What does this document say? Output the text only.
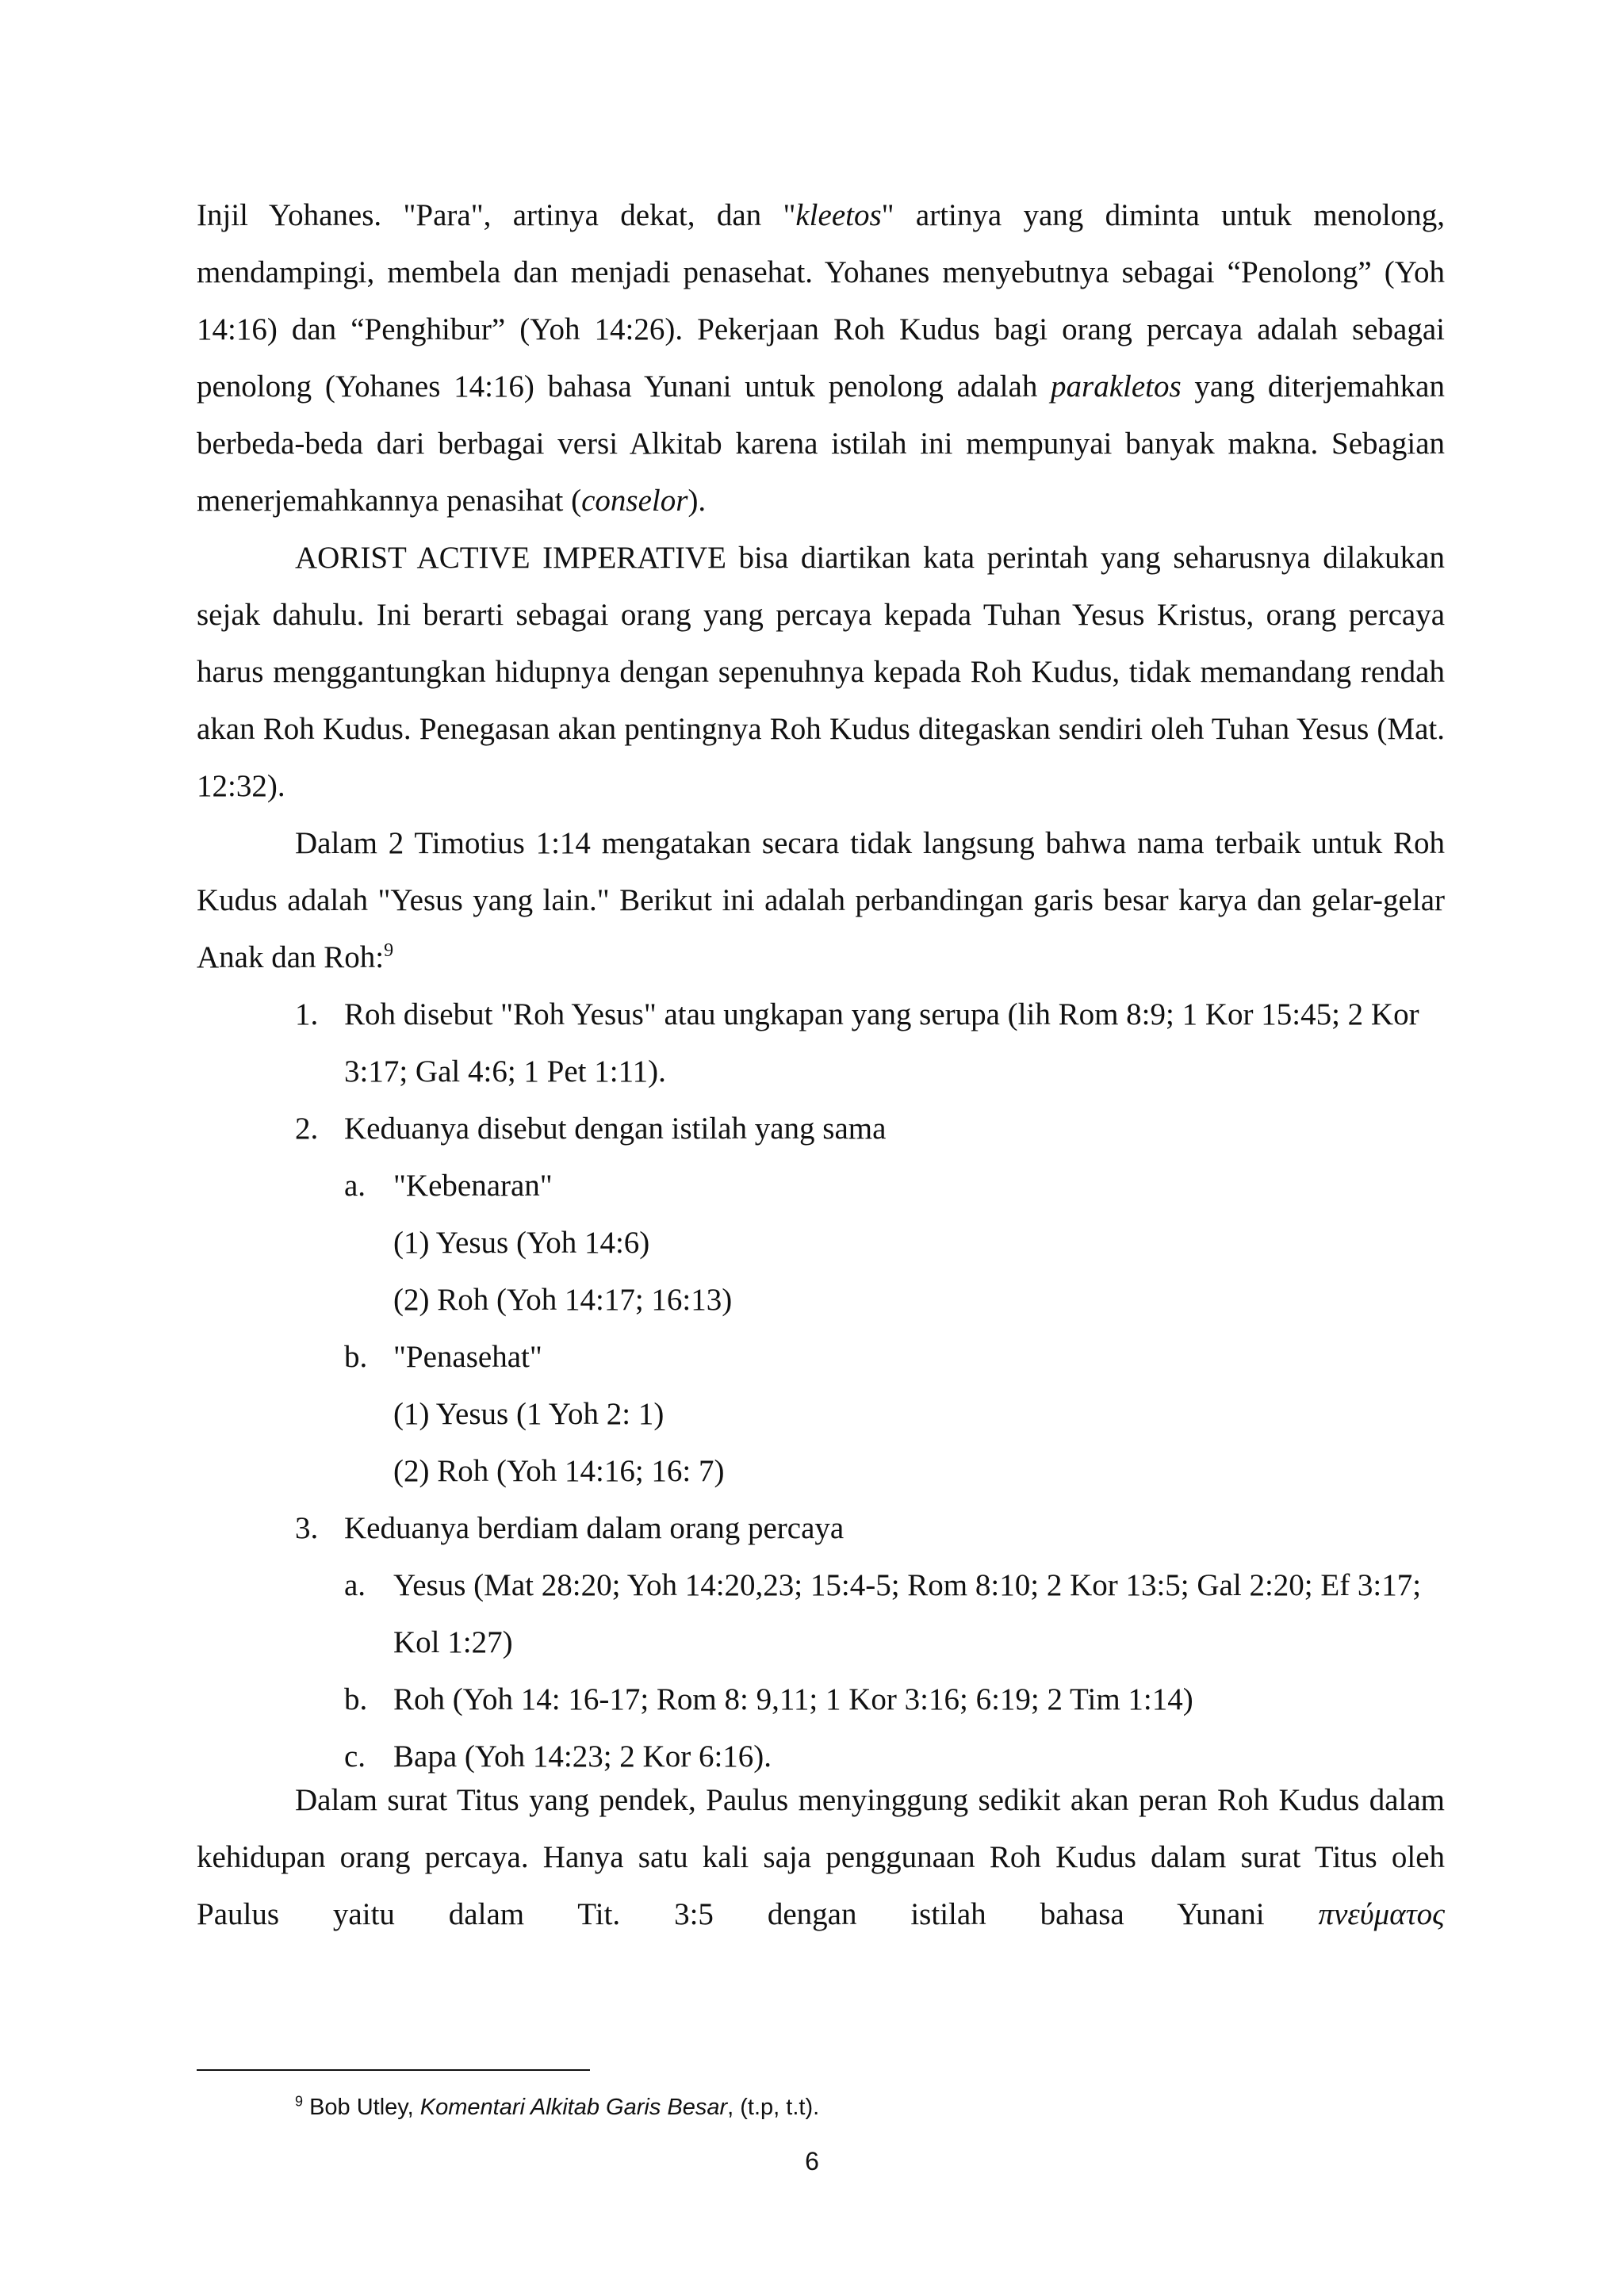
Injil Yohanes. "Para", artinya dekat, dan "kleetos" artinya yang diminta untuk menolong, mendampingi, membela dan menjadi penasehat. Yohanes menyebutnya sebagai “Penolong” (Yoh 14:16) dan “Penghibur” (Yoh 14:26). Pekerjaan Roh Kudus bagi orang percaya adalah sebagai penolong (Yohanes 14:16) bahasa Yunani untuk penolong adalah parakletos yang diterjemahkan berbeda-beda dari berbagai versi Alkitab karena istilah ini mempunyai banyak makna. Sebagian menerjemahkannya penasihat (conselor).

AORIST ACTIVE IMPERATIVE bisa diartikan kata perintah yang seharusnya dilakukan sejak dahulu. Ini berarti sebagai orang yang percaya kepada Tuhan Yesus Kristus, orang percaya harus menggantungkan hidupnya dengan sepenuhnya kepada Roh Kudus, tidak memandang rendah akan Roh Kudus. Penegasan akan pentingnya Roh Kudus ditegaskan sendiri oleh Tuhan Yesus (Mat. 12:32).

Dalam 2 Timotius 1:14 mengatakan secara tidak langsung bahwa nama terbaik untuk Roh Kudus adalah "Yesus yang lain." Berikut ini adalah perbandingan garis besar karya dan gelar-gelar Anak dan Roh:$^9$

1. Roh disebut "Roh Yesus" atau ungkapan yang serupa (lih Rom 8:9; 1 Kor 15:45; 2 Kor 3:17; Gal 4:6; 1 Pet 1:11).
2. Keduanya disebut dengan istilah yang sama
a. "Kebenaran"
(1) Yesus (Yoh 14:6)
(2) Roh (Yoh 14:17; 16:13)
b. "Penasehat"
(1) Yesus (1 Yoh 2: 1)
(2) Roh (Yoh 14:16; 16: 7)
3. Keduanya berdiam dalam orang percaya
a. Yesus (Mat 28:20; Yoh 14:20,23; 15:4-5; Rom 8:10; 2 Kor 13:5; Gal 2:20; Ef 3:17; Kol 1:27)
b. Roh (Yoh 14: 16-17; Rom 8: 9,11; 1 Kor 3:16; 6:19; 2 Tim 1:14)
c. Bapa (Yoh 14:23; 2 Kor 6:16).

Dalam surat Titus yang pendek, Paulus menyinggung sedikit akan peran Roh Kudus dalam kehidupan orang percaya. Hanya satu kali saja penggunaan Roh Kudus dalam surat Titus oleh Paulus yaitu dalam Tit. 3:5 dengan istilah bahasa Yunani πνεύματος

$^9$ Bob Utley, Komentari Alkitab Garis Besar, (t.p, t.t).
6
